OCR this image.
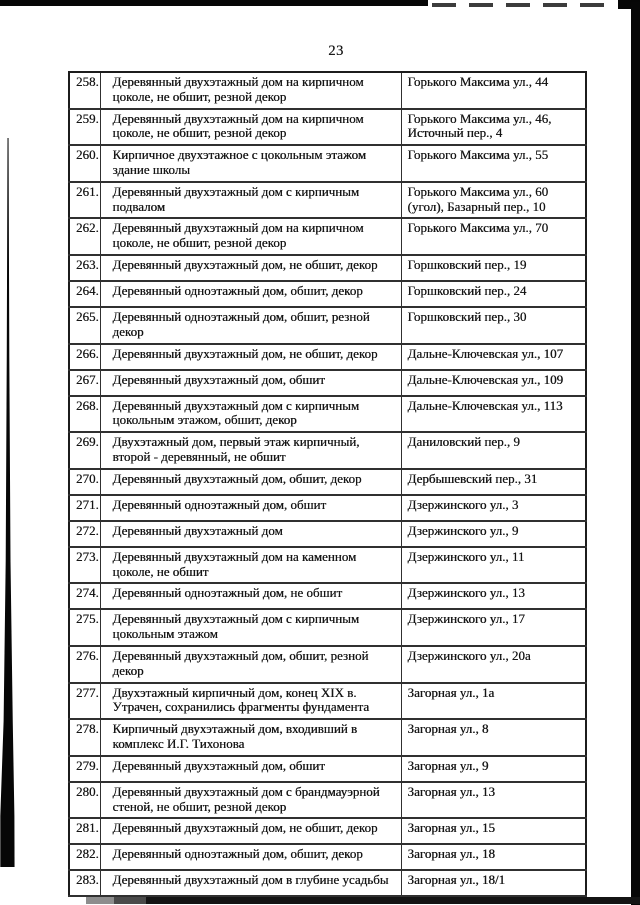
23
258.	Деревянный двухэтажный дом на кирпичном цоколе, не обшит, резной декор	Горького Максима ул., 44
259.	Деревянный двухэтажный дом на кирпичном цоколе, не обшит, резной декор	Горького Максима ул., 46, Источный пер., 4
260.	Кирпичное двухэтажное с цокольным этажом здание школы	Горького Максима ул., 55
261.	Деревянный двухэтажный дом с кирпичным подвалом	Горького Максима ул., 60 (угол), Базарный пер., 10
262.	Деревянный двухэтажный дом на кирпичном цоколе, не обшит, резной декор	Горького Максима ул., 70
263.	Деревянный двухэтажный дом, не обшит, декор	Горшковский пер., 19
264.	Деревянный одноэтажный дом, обшит, декор	Горшковский пер., 24
265.	Деревянный одноэтажный дом, обшит, резной декор	Горшковский пер., 30
266.	Деревянный двухэтажный дом, не обшит, декор	Дальне-Ключевская ул., 107
267.	Деревянный двухэтажный дом, обшит	Дальне-Ключевская ул., 109
268.	Деревянный двухэтажный дом с кирпичным цокольным этажом, обшит, декор	Дальне-Ключевская ул., 113
269.	Двухэтажный дом, первый этаж кирпичный, второй - деревянный, не обшит	Даниловский пер., 9
270.	Деревянный двухэтажный дом, обшит, декор	Дербышевский пер., 31
271.	Деревянный одноэтажный дом, обшит	Дзержинского ул., 3
272.	Деревянный двухэтажный дом	Дзержинского ул., 9
273.	Деревянный двухэтажный дом на каменном цоколе, не обшит	Дзержинского ул., 11
274.	Деревянный одноэтажный дом, не обшит	Дзержинского ул., 13
275.	Деревянный двухэтажный дом с кирпичным цокольным этажом	Дзержинского ул., 17
276.	Деревянный двухэтажный дом, обшит, резной декор	Дзержинского ул., 20а
277.	Двухэтажный кирпичный дом, конец XIX в. Утрачен, сохранились фрагменты фундамента	Загорная ул., 1а
278.	Кирпичный двухэтажный дом, входивший в комплекс И.Г. Тихонова	Загорная ул., 8
279.	Деревянный двухэтажный дом, обшит	Загорная ул., 9
280.	Деревянный двухэтажный дом с брандмауэрной стеной, не обшит, резной декор	Загорная ул., 13
281.	Деревянный двухэтажный дом, не обшит, декор	Загорная ул., 15
282.	Деревянный одноэтажный дом, обшит, декор	Загорная ул., 18
283.	Деревянный двухэтажный дом в глубине усадьбы	Загорная ул., 18/1
